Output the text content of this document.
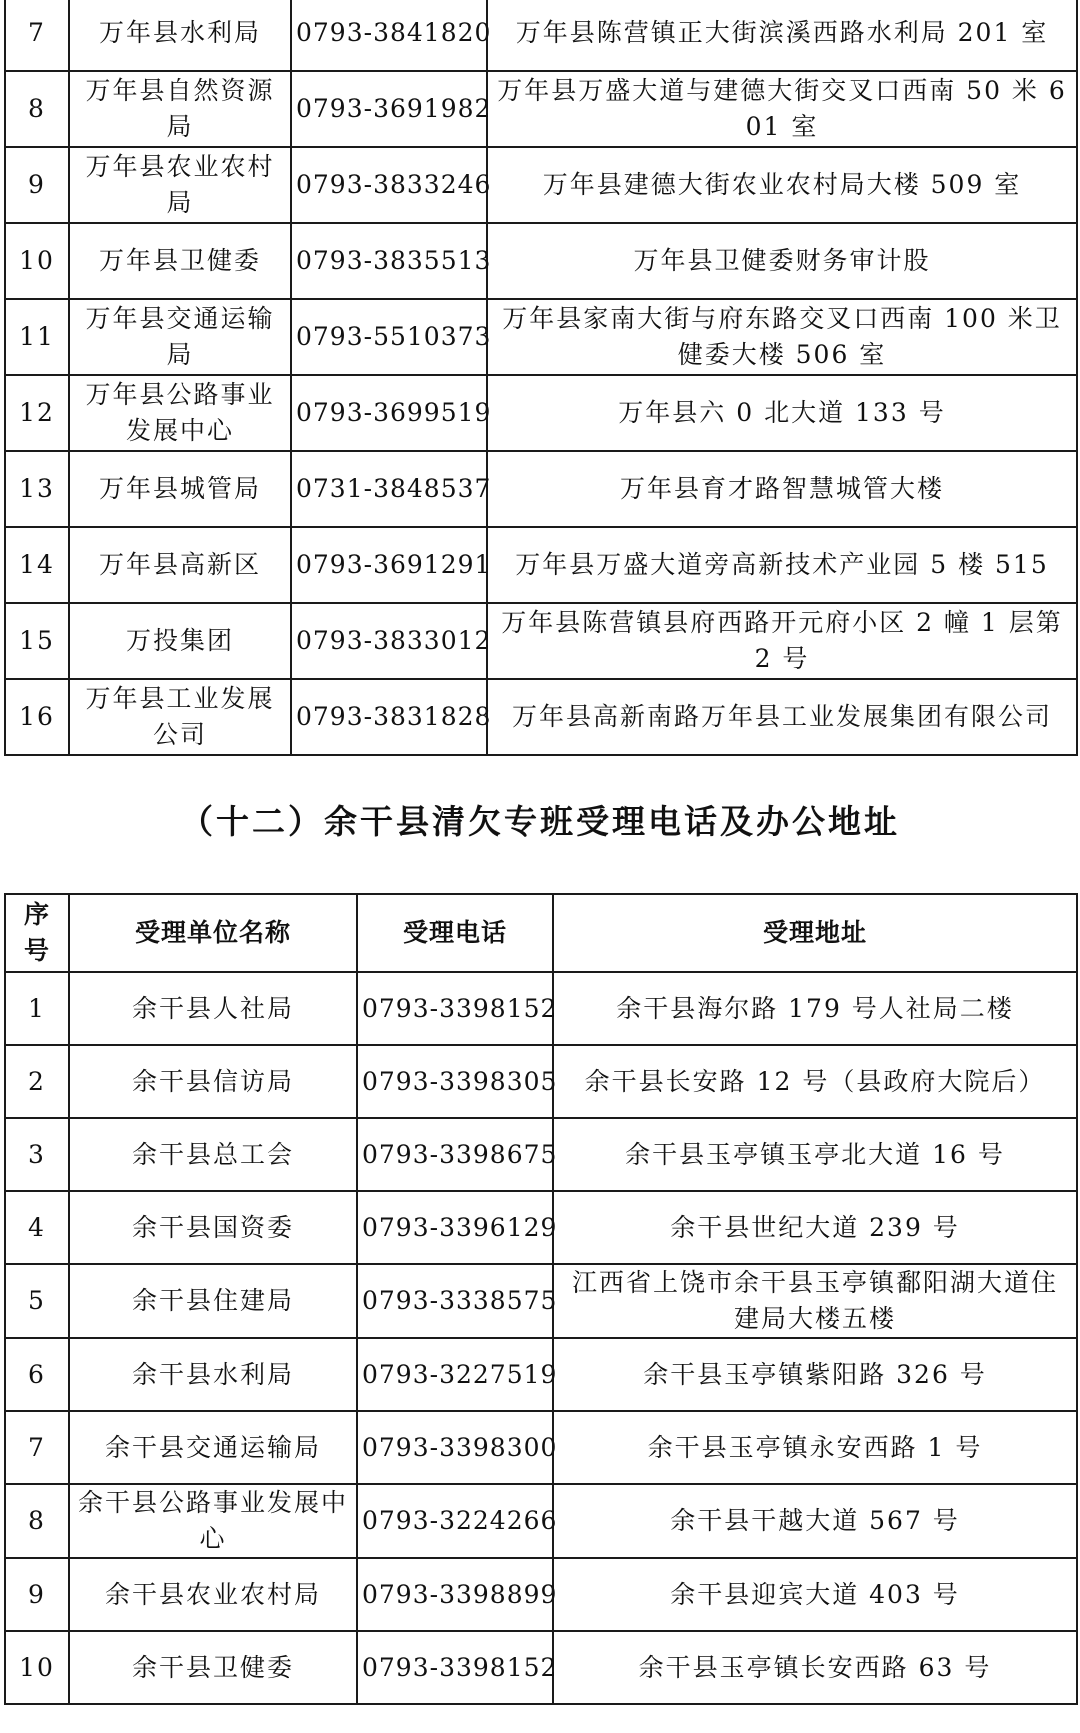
7	万年县水利局	0793-3841820	万年县陈营镇正大街滨溪西路水利局 201 室
8	万年县自然资源局	0793-3691982	万年县万盛大道与建德大街交叉口西南 50 米 601 室
9	万年县农业农村局	0793-3833246	万年县建德大街农业农村局大楼 509 室
10	万年县卫健委	0793-3835513	万年县卫健委财务审计股
11	万年县交通运输局	0793-5510373	万年县家南大街与府东路交叉口西南 100 米卫健委大楼 506 室
12	万年县公路事业发展中心	0793-3699519	万年县六 0 北大道 133 号
13	万年县城管局	0731-3848537	万年县育才路智慧城管大楼
14	万年县高新区	0793-3691291	万年县万盛大道旁高新技术产业园 5 楼 515
15	万投集团	0793-3833012	万年县陈营镇县府西路开元府小区 2 幢 1 层第 2 号
16	万年县工业发展公司	0793-3831828	万年县高新南路万年县工业发展集团有限公司
（十二）余干县清欠专班受理电话及办公地址
序号	受理单位名称	受理电话	受理地址
1	余干县人社局	0793-3398152	余干县海尔路 179 号人社局二楼
2	余干县信访局	0793-3398305	余干县长安路 12 号（县政府大院后）
3	余干县总工会	0793-3398675	余干县玉亭镇玉亭北大道 16 号
4	余干县国资委	0793-3396129	余干县世纪大道 239 号
5	余干县住建局	0793-3338575	江西省上饶市余干县玉亭镇鄱阳湖大道住建局大楼五楼
6	余干县水利局	0793-3227519	余干县玉亭镇紫阳路 326 号
7	余干县交通运输局	0793-3398300	余干县玉亭镇永安西路 1 号
8	余干县公路事业发展中心	0793-3224266	余干县干越大道 567 号
9	余干县农业农村局	0793-3398899	余干县迎宾大道 403 号
10	余干县卫健委	0793-3398152	余干县玉亭镇长安西路 63 号
